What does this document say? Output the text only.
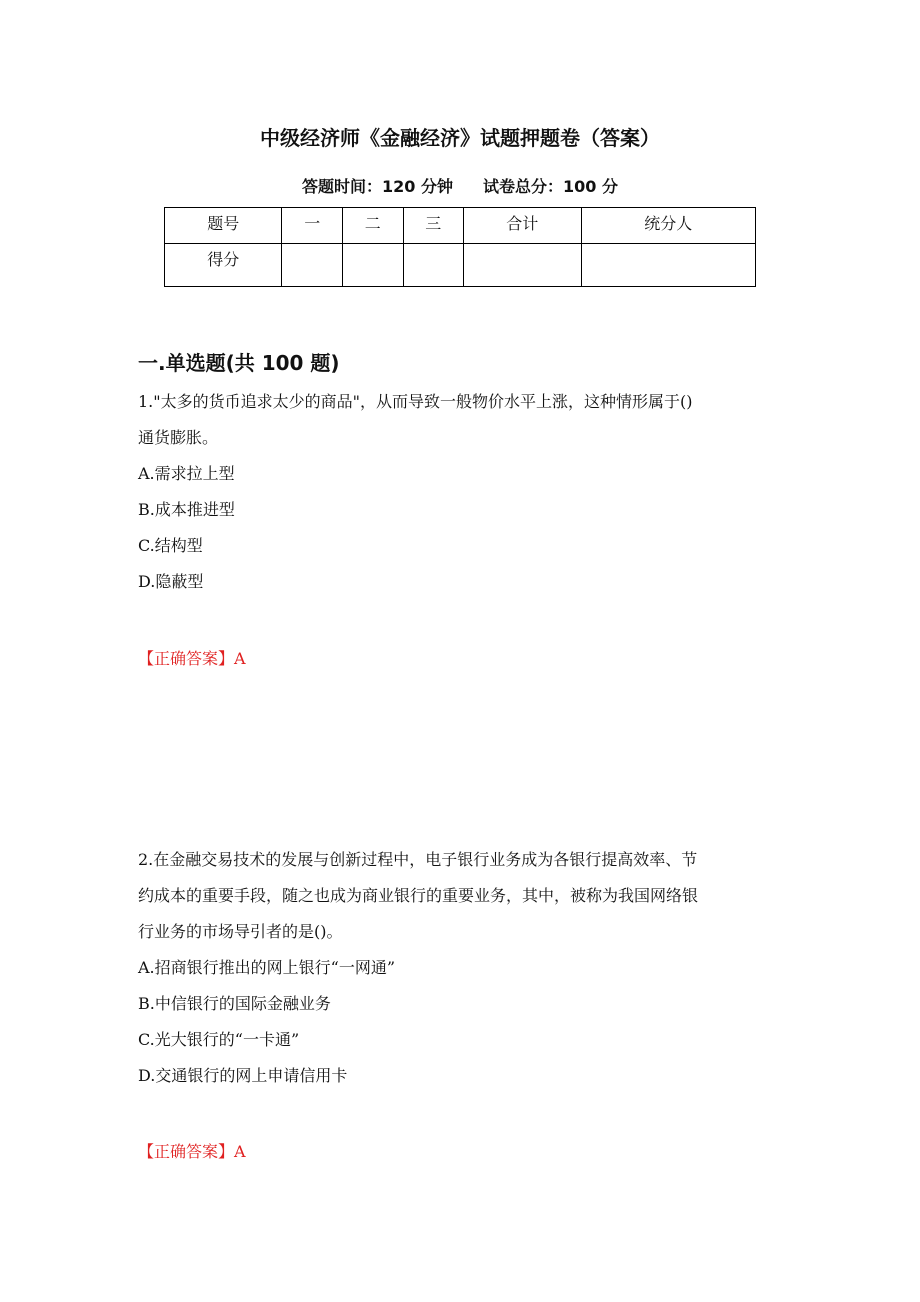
中级经济师《金融经济》试题押题卷（答案）
答题时间：120 分钟 试卷总分：100 分
题号	一	二	三	合计	统分人
得分					
一.单选题(共 100 题)

1."太多的货币追求太少的商品"，从而导致一般物价水平上涨，这种情形属于()

通货膨胀。

A.需求拉上型

B.成本推进型

C.结构型

D.隐蔽型

【正确答案】A

2.在金融交易技术的发展与创新过程中，电子银行业务成为各银行提高效率、节

约成本的重要手段，随之也成为商业银行的重要业务，其中，被称为我国网络银

行业务的市场导引者的是()。

A.招商银行推出的网上银行“一网通”

B.中信银行的国际金融业务

C.光大银行的“一卡通”

D.交通银行的网上申请信用卡

【正确答案】A
